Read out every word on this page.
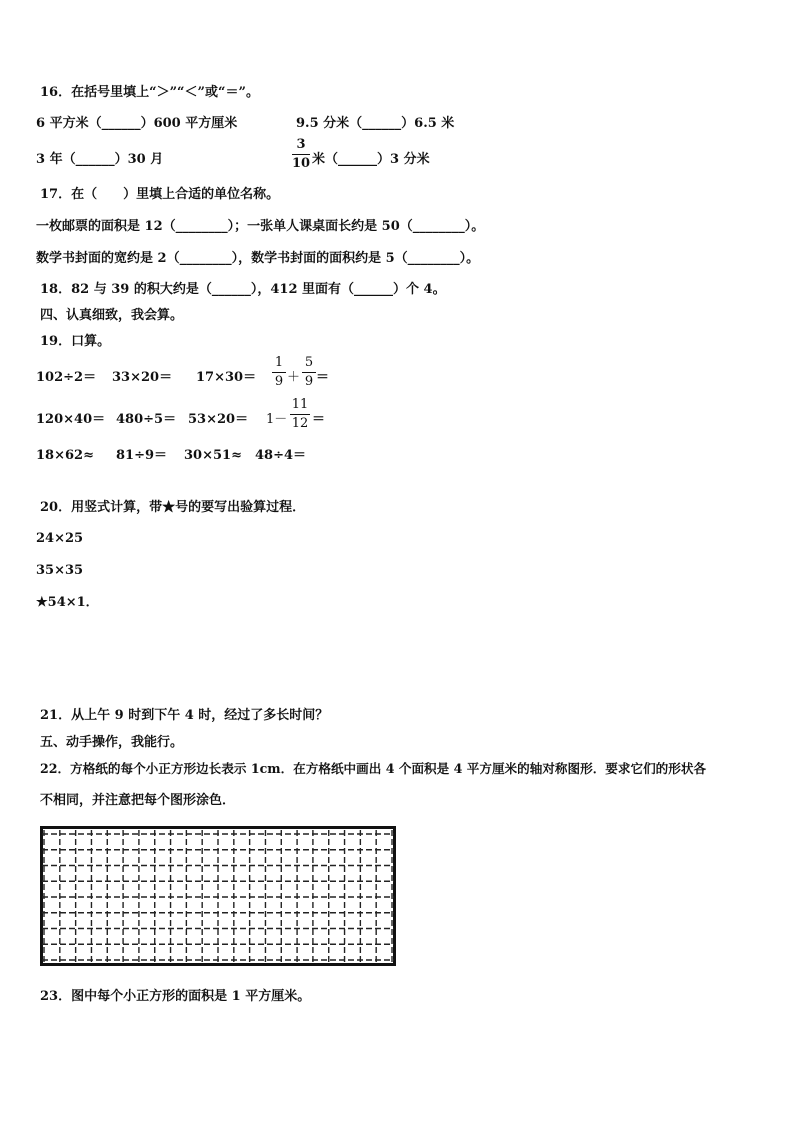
16．在括号里填上“＞”“＜”或“＝”。
6 平方米（______）600 平方厘米	9.5 分米（______）6.5 米
3 年（______）30 月
3
10 米（______）3 分米
17．在（　　）里填上合适的单位名称。
一枚邮票的面积是 12（________）；一张单人课桌面长约是 50（________）。
数学书封面的宽约是 2（________），数学书封面的面积约是 5（________）。
18．82 与 39 的积大约是（______），412 里面有（______）个 4。
四、认真细致，我会算。
19．口算。
102÷2＝ 33×20＝ 17×30＝
1
9 ＋
5
9 ＝
120×40＝ 480÷5＝ 53×20＝ 1－
11
12 ＝
18×62≈ 81÷9＝ 30×51≈ 48÷4＝
20．用竖式计算，带★号的要写出验算过程．
24×25
35×35
★54×1．
21．从上午 9 时到下午 4 时，经过了多长时间？
五、动手操作，我能行。
22．方格纸的每个小正方形边长表示 1cm．在方格纸中画出 4 个面积是 4 平方厘米的轴对称图形．要求它们的形状各
不相同，并注意把每个图形涂色．
23．图中每个小正方形的面积是 1 平方厘米。
